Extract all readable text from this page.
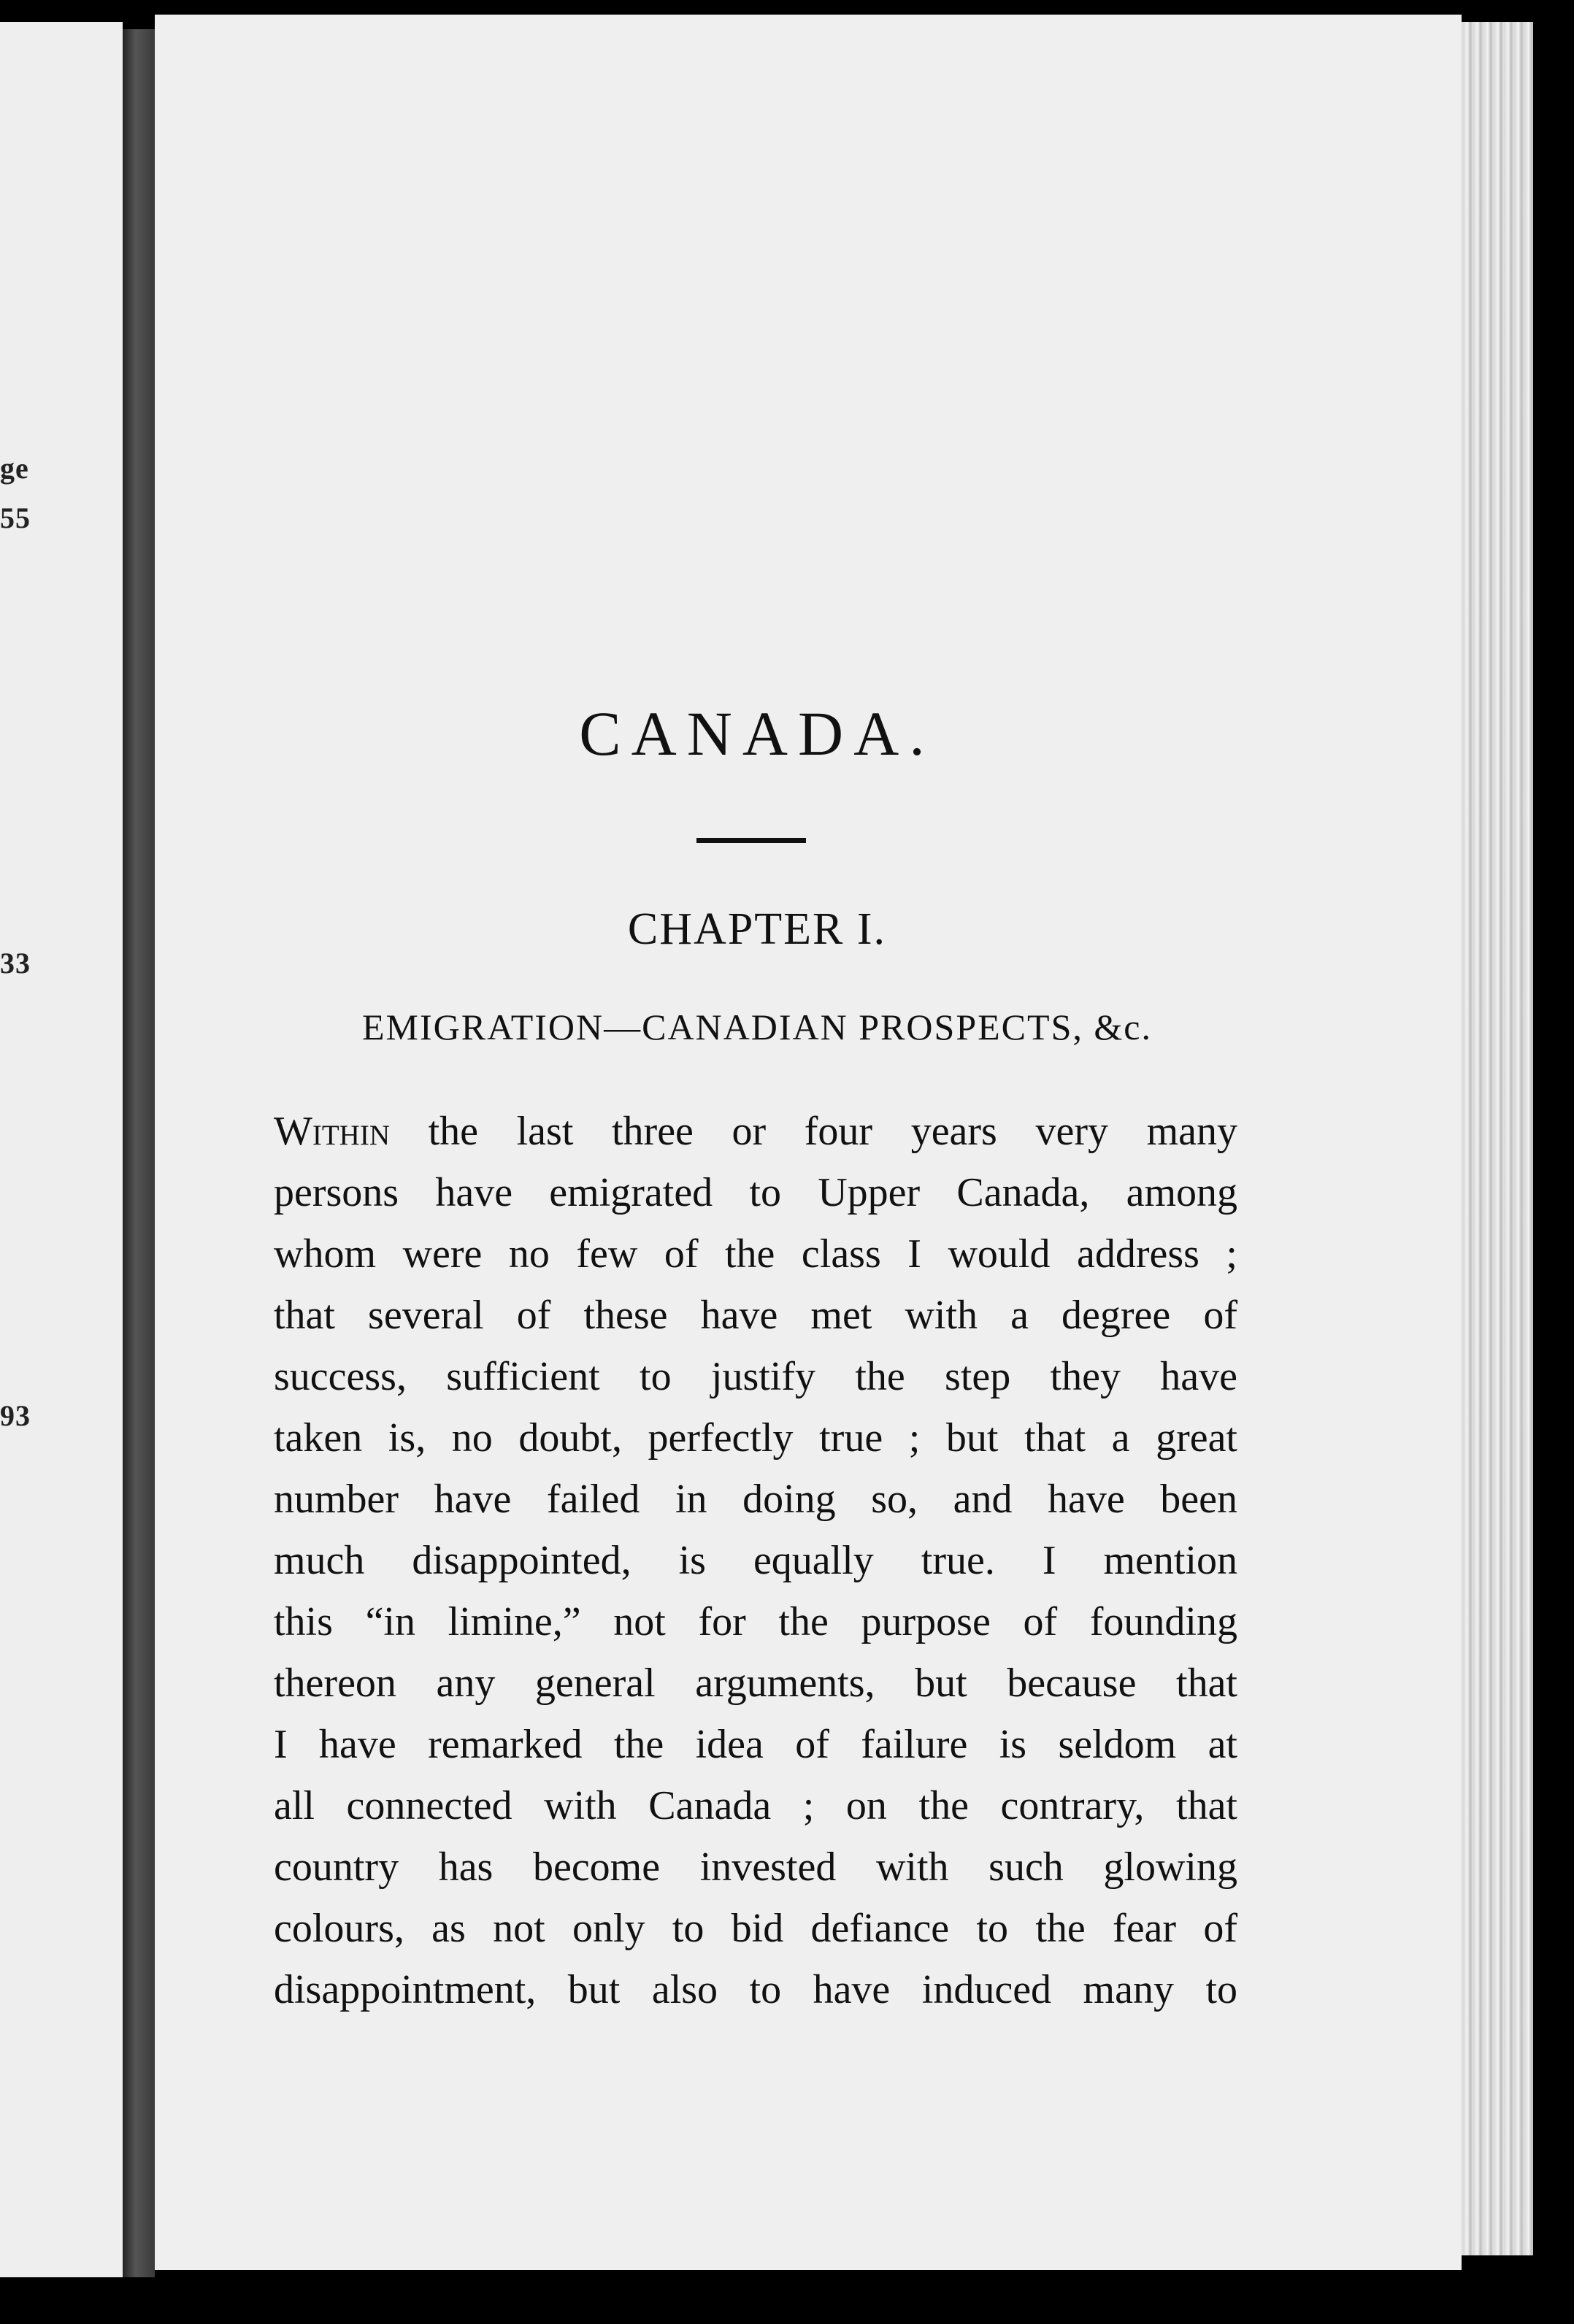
ge
55
33
93
CANADA.
CHAPTER I.
EMIGRATION—CANADIAN PROSPECTS, &c.
Within the last three or four years very many
persons have emigrated to Upper Canada, among
whom were no few of the class I would address ;
that several of these have met with a degree of
success, sufficient to justify the step they have
taken is, no doubt, perfectly true ; but that a great
number have failed in doing so, and have been
much disappointed, is equally true. I mention
this “in limine,” not for the purpose of founding
thereon any general arguments, but because that
I have remarked the idea of failure is seldom at
all connected with Canada ; on the contrary, that
country has become invested with such glowing
colours, as not only to bid defiance to the fear of
disappointment, but also to have induced many to
